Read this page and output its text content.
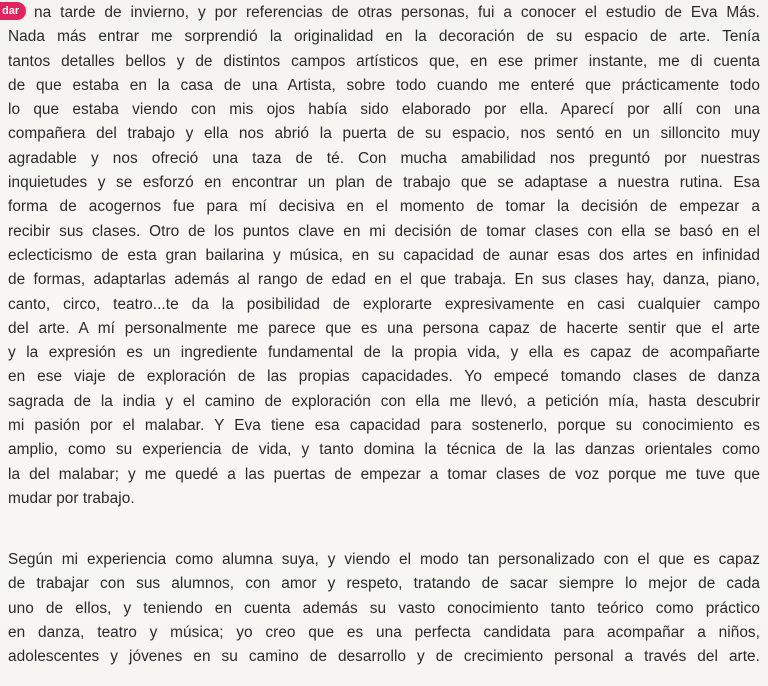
dar na tarde de invierno, y por referencias de otras personas, fui a conocer el estudio de Eva Más.
Nada más entrar me sorprendió la originalidad en la decoración de su espacio de arte. Tenía
tantos detalles bellos y de distintos campos artísticos que, en ese primer instante, me di cuenta
de que estaba en la casa de una Artista, sobre todo cuando me enteré que prácticamente todo
lo que estaba viendo con mis ojos había sido elaborado por ella. Aparecí por allí con una
compañera del trabajo y ella nos abrió la puerta de su espacio, nos sentó en un silloncito muy
agradable y nos ofreció una taza de té. Con mucha amabilidad nos preguntó por nuestras
inquietudes y se esforzó en encontrar un plan de trabajo que se adaptase a nuestra rutina. Esa
forma de acogernos fue para mí decisiva en el momento de tomar la decisión de empezar a
recibir sus clases. Otro de los puntos clave en mi decisión de tomar clases con ella se basó en el
eclecticismo de esta gran bailarina y música, en su capacidad de aunar esas dos artes en infinidad
de formas, adaptarlas además al rango de edad en el que trabaja. En sus clases hay, danza, piano,
canto, circo, teatro...te da la posibilidad de explorarte expresivamente en casi cualquier campo
del arte. A mí personalmente me parece que es una persona capaz de hacerte sentir que el arte
y la expresión es un ingrediente fundamental de la propia vida, y ella es capaz de acompañarte
en ese viaje de exploración de las propias capacidades. Yo empecé tomando clases de danza
sagrada de la india y el camino de exploración con ella me llevó, a petición mía, hasta descubrir
mi pasión por el malabar. Y Eva tiene esa capacidad para sostenerlo, porque su conocimiento es
amplio, como su experiencia de vida, y tanto domina la técnica de la las danzas orientales como
la del malabar; y me quedé a las puertas de empezar a tomar clases de voz porque me tuve que
mudar por trabajo.

Según mi experiencia como alumna suya, y viendo el modo tan personalizado con el que es capaz
de trabajar con sus alumnos, con amor y respeto, tratando de sacar siempre lo mejor de cada
uno de ellos, y teniendo en cuenta además su vasto conocimiento tanto teórico como práctico
en danza, teatro y música; yo creo que es una perfecta candidata para acompañar a niños,
adolescentes y jóvenes en su camino de desarrollo y de crecimiento personal a través del arte.
